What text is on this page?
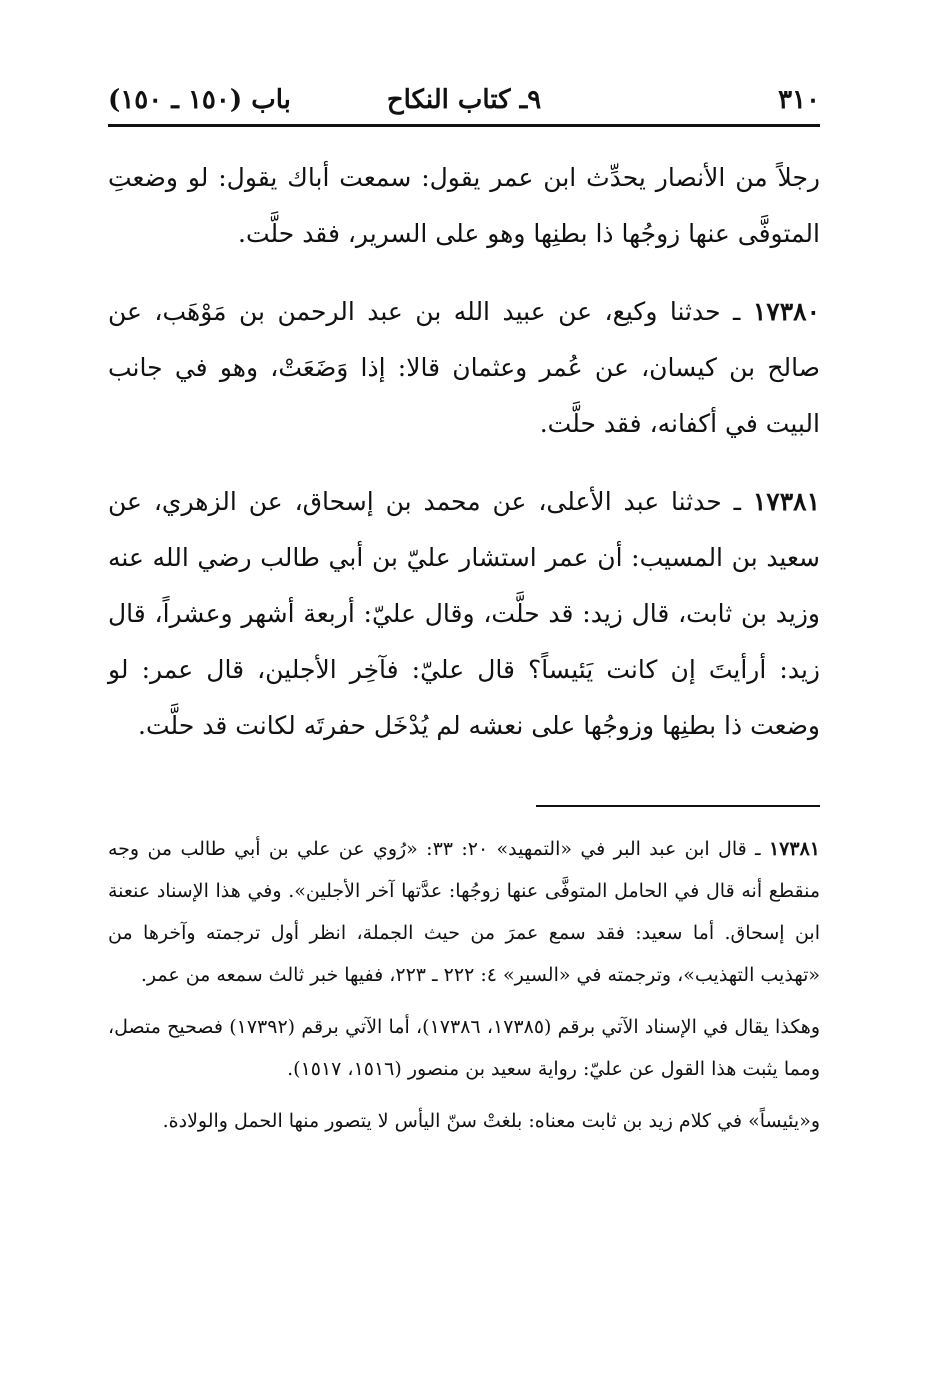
٣١٠
٩ـ كتاب النكاح
باب (١٥٠ ـ ١٥٠)

رجلاً من الأنصار يحدِّث ابن عمر يقول: سمعت أباك يقول: لو وضعتِ المتوفَّى عنها زوجُها ذا بطنِها وهو على السرير، فقد حلَّت.

١٧٣٨٠ ـ حدثنا وكيع، عن عبيد الله بن عبد الرحمن بن مَوْهَب، عن صالح بن كيسان، عن عُمر وعثمان قالا: إذا وَضَعَتْ، وهو في جانب البيت في أكفانه، فقد حلَّت.

١٧٣٨١ ـ حدثنا عبد الأعلى، عن محمد بن إسحاق، عن الزهري، عن سعيد بن المسيب: أن عمر استشار عليّ بن أبي طالب رضي الله عنه وزيد بن ثابت، قال زيد: قد حلَّت، وقال عليّ: أربعة أشهر وعشراً، قال زيد: أرأيتَ إن كانت يَئيساً؟ قال عليّ: فآخِر الأجلين، قال عمر: لو وضعت ذا بطنِها وزوجُها على نعشه لم يُدْخَل حفرتَه لكانت قد حلَّت.

١٧٣٨١ ـ قال ابن عبد البر في «التمهيد» ٢٠: ٣٣: «رُوي عن علي بن أبي طالب من وجه منقطع أنه قال في الحامل المتوفَّى عنها زوجُها: عدَّتها آخر الأجلين». وفي هذا الإسناد عنعنة ابن إسحاق. أما سعيد: فقد سمع عمرَ من حيث الجملة، انظر أول ترجمته وآخرها من «تهذيب التهذيب»، وترجمته في «السير» ٤: ٢٢٢ ـ ٢٢٣، ففيها خبر ثالث سمعه من عمر.

وهكذا يقال في الإسناد الآتي برقم (١٧٣٨٥، ١٧٣٨٦)، أما الآتي برقم (١٧٣٩٢) فصحيح متصل، ومما يثبت هذا القول عن عليّ: رواية سعيد بن منصور (١٥١٦، ١٥١٧).

و«يئيساً» في كلام زيد بن ثابت معناه: بلغتْ سنّ اليأس لا يتصور منها الحمل والولادة.
